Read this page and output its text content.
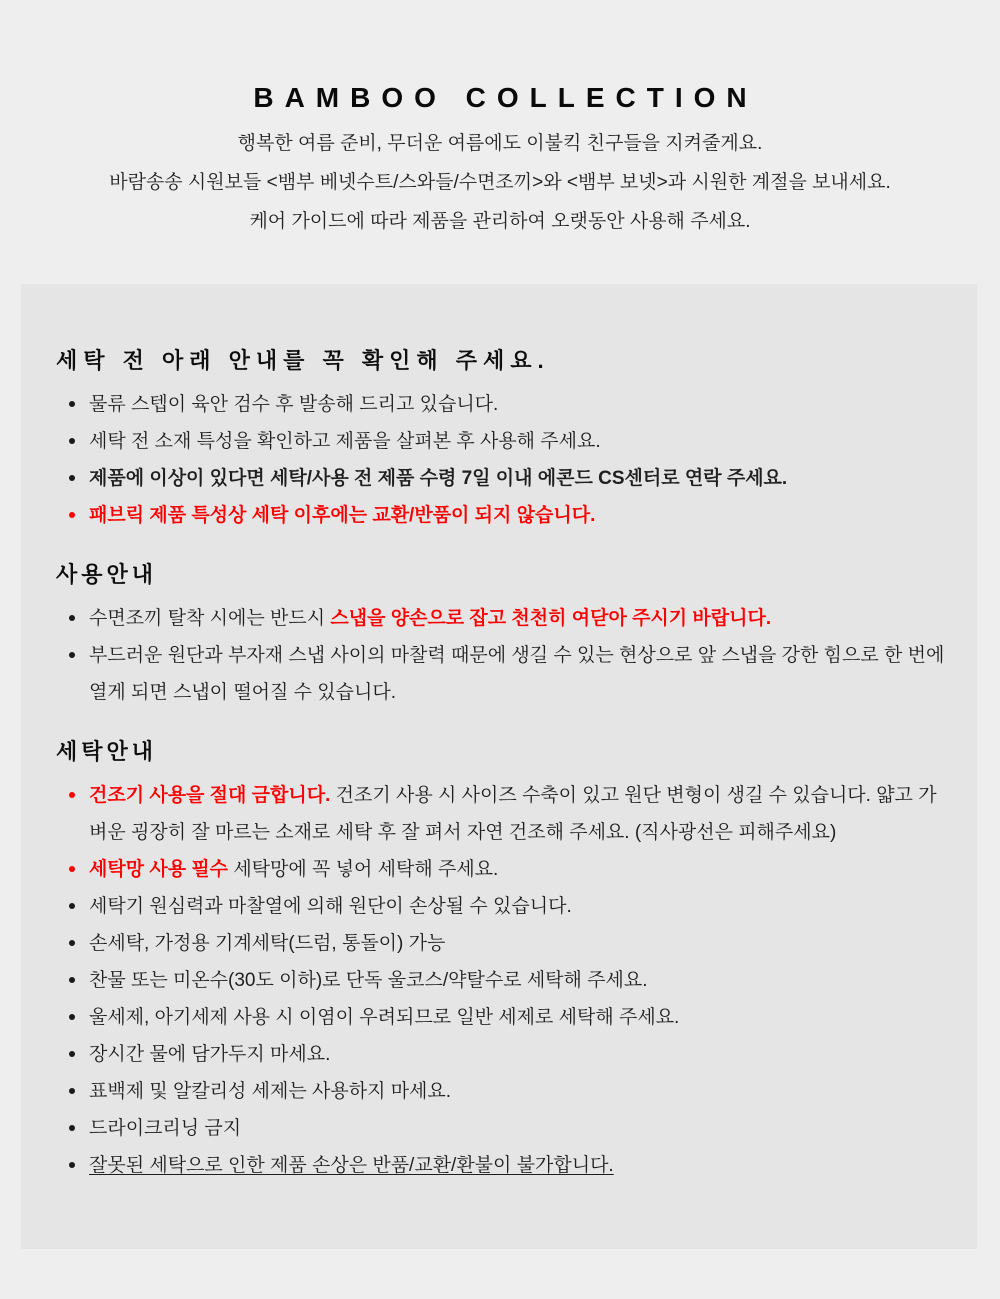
BAMBOO COLLECTION

행복한 여름 준비, 무더운 여름에도 이불킥 친구들을 지켜줄게요.

바람송송 시원보들 <뱀부 베넷수트/스와들/수면조끼>와 <뱀부 보넷>과 시원한 계절을 보내세요.

케어 가이드에 따라 제품을 관리하여 오랫동안 사용해 주세요.

세탁 전 아래 안내를 꼭 확인해 주세요.
물류 스텝이 육안 검수 후 발송해 드리고 있습니다.
세탁 전 소재 특성을 확인하고 제품을 살펴본 후 사용해 주세요.
제품에 이상이 있다면 세탁/사용 전 제품 수령 7일 이내 에콘드 CS센터로 연락 주세요.
패브릭 제품 특성상 세탁 이후에는 교환/반품이 되지 않습니다.
사용안내
수면조끼 탈착 시에는 반드시 스냅을 양손으로 잡고 천천히 여닫아 주시기 바랍니다.
부드러운 원단과 부자재 스냅 사이의 마찰력 때문에 생길 수 있는 현상으로 앞 스냅을 강한 힘으로 한 번에 열게 되면 스냅이 떨어질 수 있습니다.
세탁안내
건조기 사용을 절대 금합니다. 건조기 사용 시 사이즈 수축이 있고 원단 변형이 생길 수 있습니다. 얇고 가벼운 굉장히 잘 마르는 소재로 세탁 후 잘 펴서 자연 건조해 주세요. (직사광선은 피해주세요)
세탁망 사용 필수 세탁망에 꼭 넣어 세탁해 주세요.
세탁기 원심력과 마찰열에 의해 원단이 손상될 수 있습니다.
손세탁, 가정용 기계세탁(드럼, 통돌이) 가능
찬물 또는 미온수(30도 이하)로 단독 울코스/약탈수로 세탁해 주세요.
울세제, 아기세제 사용 시 이염이 우려되므로 일반 세제로 세탁해 주세요.
장시간 물에 담가두지 마세요.
표백제 및 알칼리성 세제는 사용하지 마세요.
드라이크리닝 금지
잘못된 세탁으로 인한 제품 손상은 반품/교환/환불이 불가합니다.
